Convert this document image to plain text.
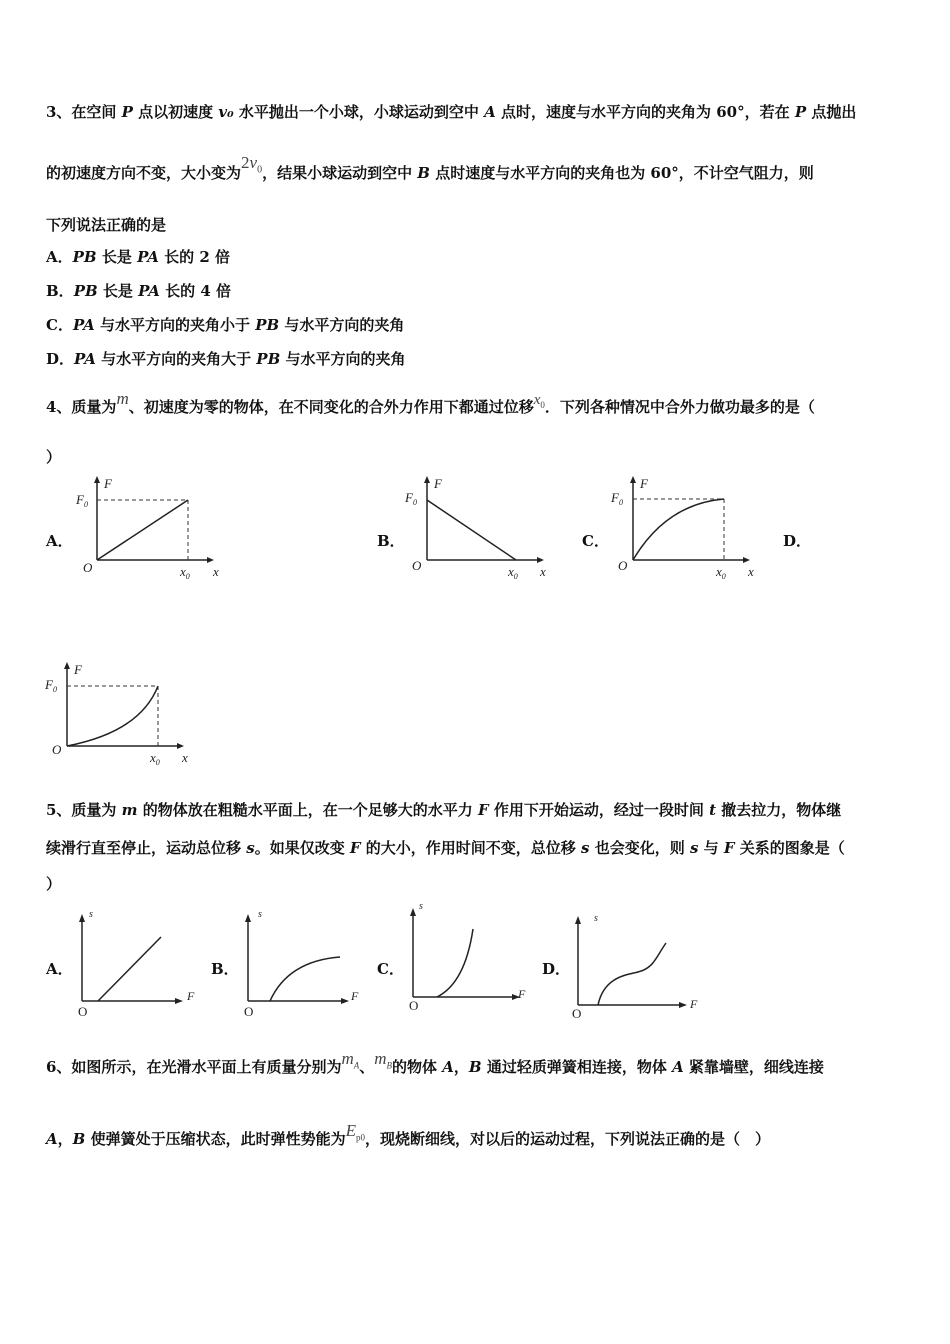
3、在空间 P 点以初速度 v₀ 水平抛出一个小球，小球运动到空中 A 点时，速度与水平方向的夹角为 60°，若在 P 点抛出
的初速度方向不变，大小变为$2v_0$，结果小球运动到空中 B 点时速度与水平方向的夹角也为 60°，不计空气阻力，则
下列说法正确的是
A．PB 长是 PA 长的 2 倍
B．PB 长是 PA 长的 4 倍
C．PA 与水平方向的夹角小于 PB 与水平方向的夹角
D．PA 与水平方向的夹角大于 PB 与水平方向的夹角
4、质量为m、初速度为零的物体，在不同变化的合外力作用下都通过位移$x_0$．下列各种情况中合外力做功最多的是（
）
A．	B．	C．	D．
F
$F_0$
O	$x_0$ x
F
$F_0$
O	$x_0$ x
F
$F_0$
O	$x_0$ x
F
$F_0$
O
$x_0$ x
5、质量为 m 的物体放在粗糙水平面上，在一个足够大的水平力 F 作用下开始运动，经过一段时间 t 撤去拉力，物体继
续滑行直至停止，运动总位移 s。如果仅改变 F 的大小，作用时间不变，总位移 s 也会变化，则 s 与 F 关系的图象是（
）
A．	B．	C．	D．
s
O
F
s
O
F
s
O
F
s
O
F
6、如图所示，在光滑水平面上有质量分别为$m_A$、$m_B$的物体 A，B 通过轻质弹簧相连接，物体 A 紧靠墙壁，细线连接
A，B 使弹簧处于压缩状态，此时弹性势能为$E_{p0}$，现烧断细线，对以后的运动过程，下列说法正确的是（　）
